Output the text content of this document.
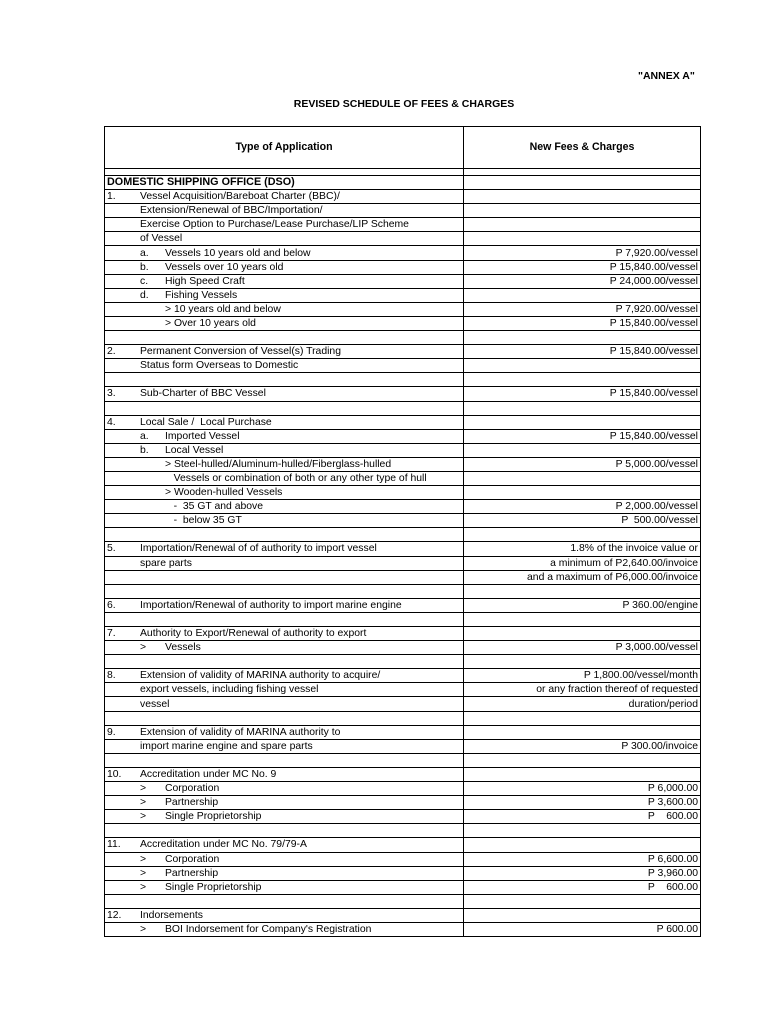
"ANNEX A"
REVISED SCHEDULE OF FEES & CHARGES
Type of Application	New Fees & Charges

DOMESTIC SHIPPING OFFICE (DSO)	

1. Vessel Acquisition/Bareboat Charter (BBC)/	

Extension/Renewal of BBC/Importation/	

Exercise Option to Purchase/Lease Purchase/LIP Scheme	

of Vessel	

a. Vessels 10 years old and below	P 7,920.00/vessel

b. Vessels over 10 years old	P 15,840.00/vessel

c. High Speed Craft	P 24,000.00/vessel

d. Fishing Vessels	

> 10 years old and below	P 7,920.00/vessel

> Over 10 years old	P 15,840.00/vessel

2. Permanent Conversion of Vessel(s) Trading	P 15,840.00/vessel

Status form Overseas to Domestic	

3. Sub-Charter of BBC Vessel	P 15,840.00/vessel

4. Local Sale /  Local Purchase	

a. Imported Vessel	P 15,840.00/vessel

b. Local Vessel	

> Steel-hulled/Aluminum-hulled/Fiberglass-hulled	P 5,000.00/vessel

Vessels or combination of both or any other type of hull	

> Wooden-hulled Vessels	

-  35 GT and above	P 2,000.00/vessel

-  below 35 GT	P  500.00/vessel

5. Importation/Renewal of of authority to import vessel	1.8% of the invoice value or

spare parts	a minimum of P2,640.00/invoice

	and a maximum of P6,000.00/invoice

6. Importation/Renewal of authority to import marine engine	P 360.00/engine

7. Authority to Export/Renewal of authority to export	

> Vessels	P 3,000.00/vessel

8. Extension of validity of MARINA authority to acquire/	P 1,800.00/vessel/month

export vessels, including fishing vessel	or any fraction thereof of requested

vessel	duration/period

9. Extension of validity of MARINA authority to	

import marine engine and spare parts	P 300.00/invoice

10. Accreditation under MC No. 9	

> Corporation	P 6,000.00

> Partnership	P 3,600.00

> Single Proprietorship	P    600.00

11. Accreditation under MC No. 79/79-A	

> Corporation	P 6,600.00

> Partnership	P 3,960.00

> Single Proprietorship	P    600.00

12. Indorsements	

> BOI Indorsement for Company's Registration	P 600.00
